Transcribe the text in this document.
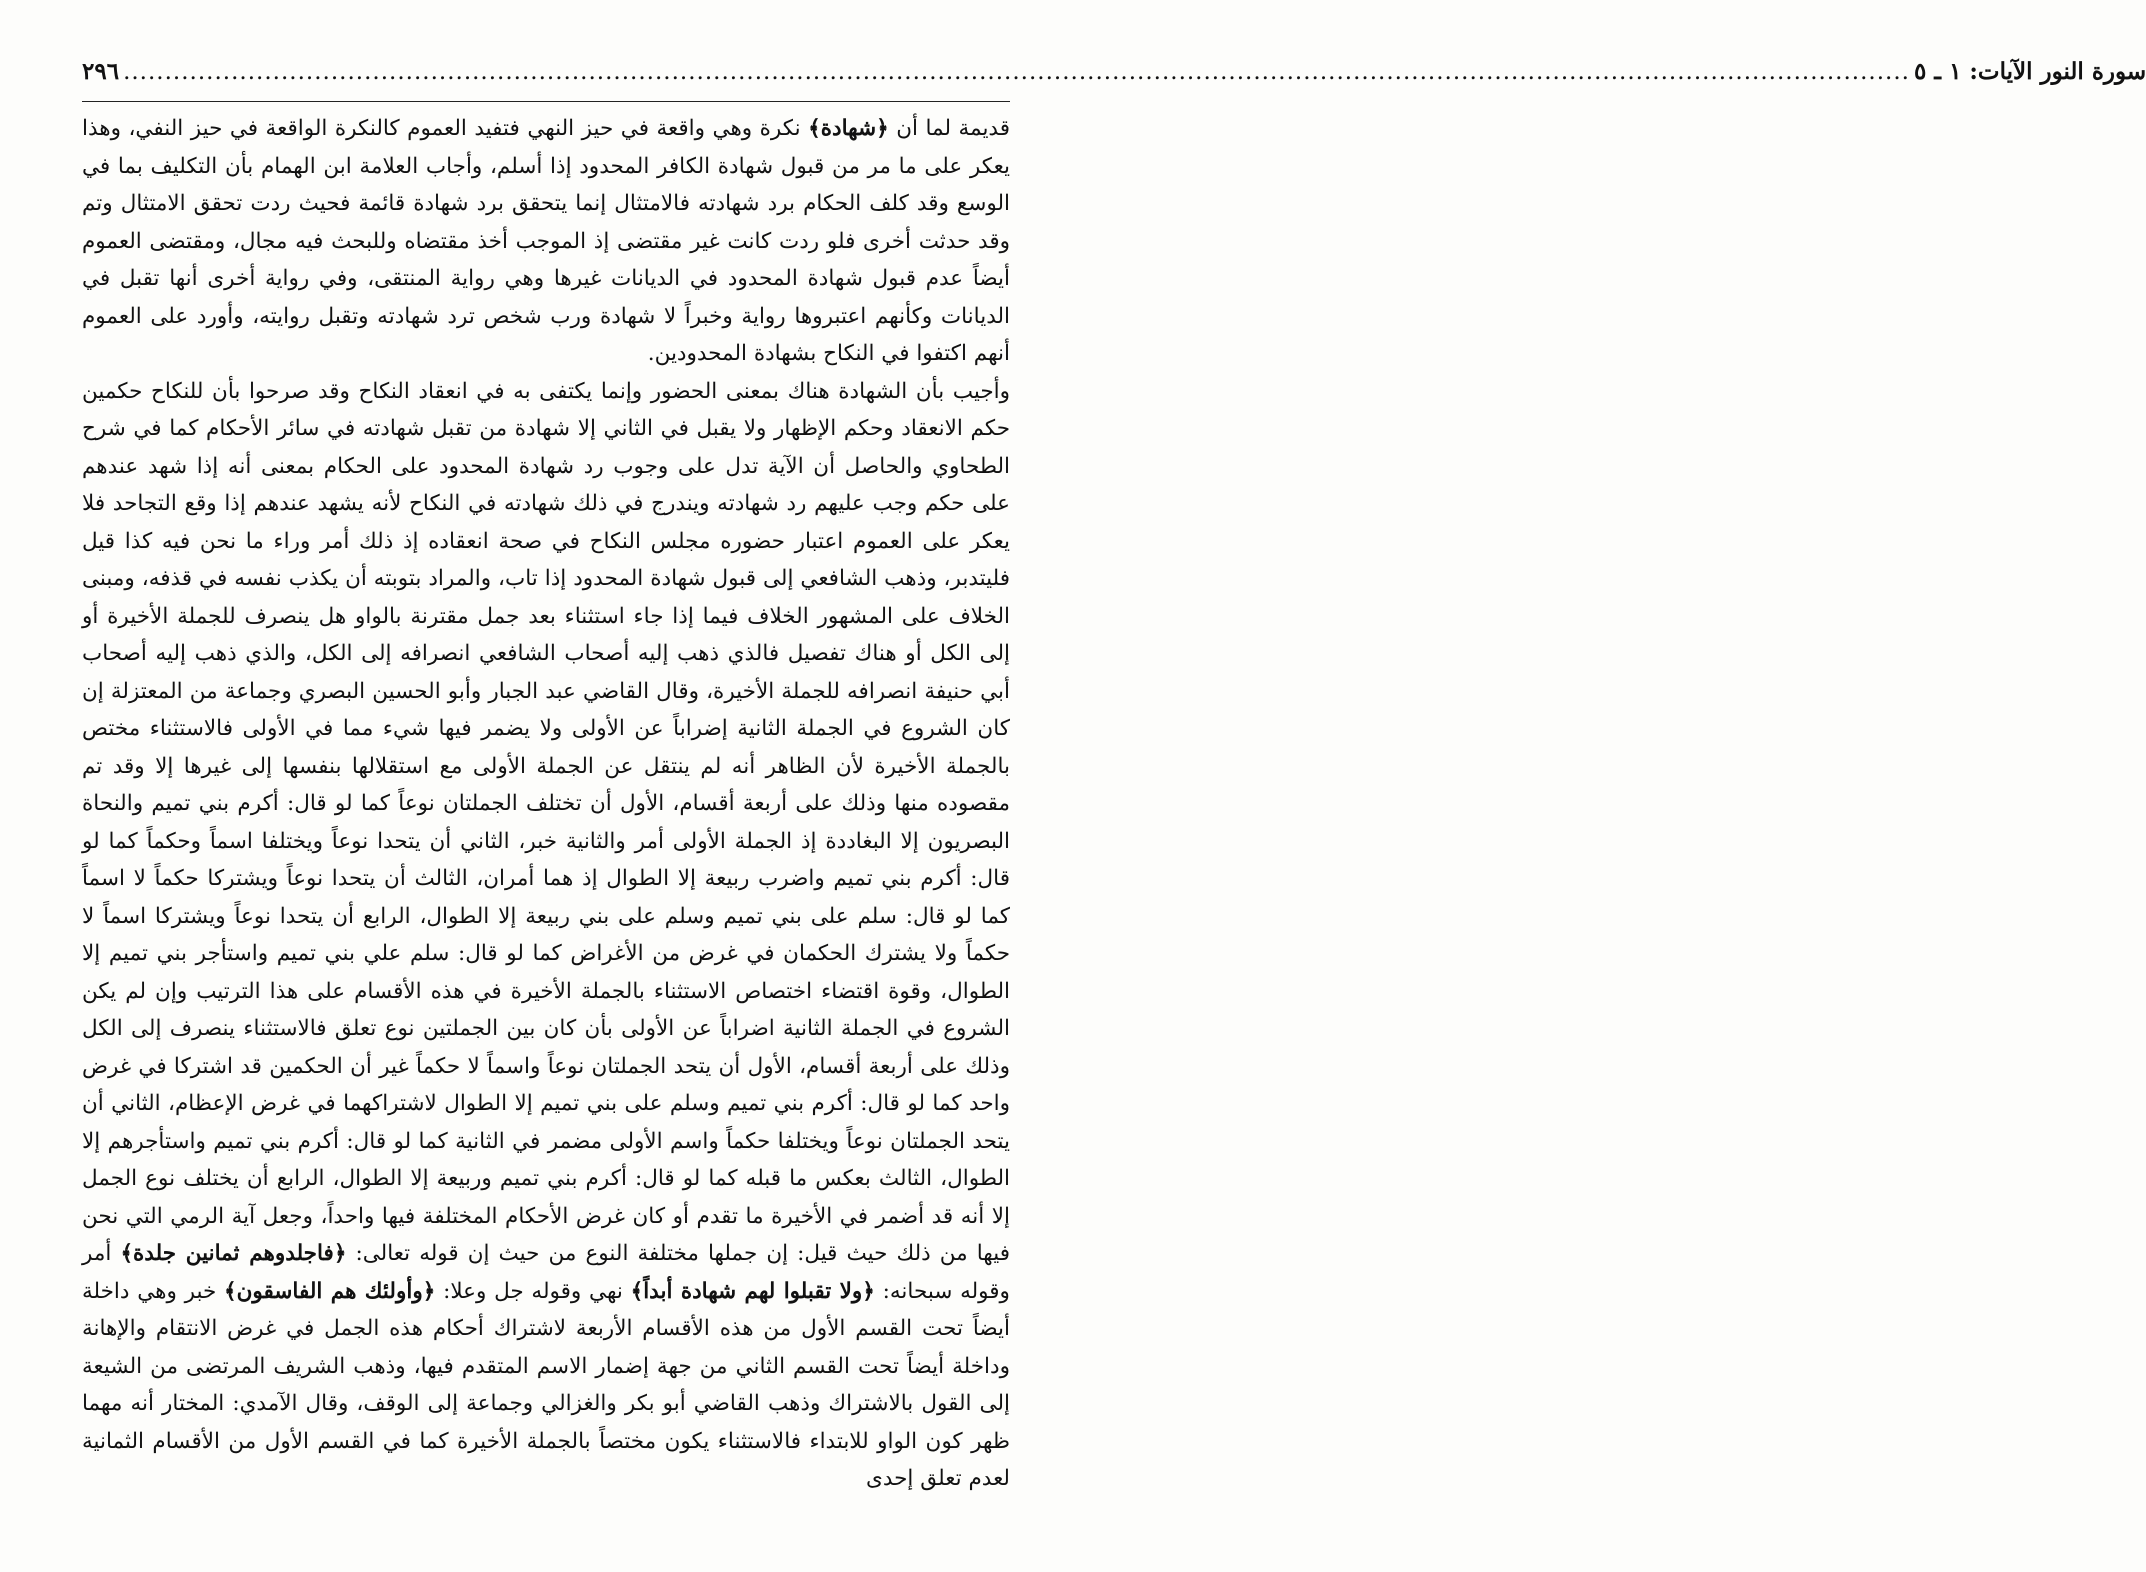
٢٩٦ ....................................................................................................................................................................................................................... سورة النور الآيات: ١ ـ ٥

قديمة لما أن ﴿شهادة﴾ نكرة وهي واقعة في حيز النهي فتفيد العموم كالنكرة الواقعة في حيز النفي، وهذا يعكر على ما مر من قبول شهادة الكافر المحدود إذا أسلم، وأجاب العلامة ابن الهمام بأن التكليف بما في الوسع وقد كلف الحكام برد شهادته فالامتثال إنما يتحقق برد شهادة قائمة فحيث ردت تحقق الامتثال وتم وقد حدثت أخرى فلو ردت كانت غير مقتضى إذ الموجب أخذ مقتضاه وللبحث فيه مجال، ومقتضى العموم أيضاً عدم قبول شهادة المحدود في الديانات غيرها وهي رواية المنتقى، وفي رواية أخرى أنها تقبل في الديانات وكأنهم اعتبروها رواية وخبراً لا شهادة ورب شخص ترد شهادته وتقبل روايته، وأورد على العموم أنهم اكتفوا في النكاح بشهادة المحدودين.

وأجيب بأن الشهادة هناك بمعنى الحضور وإنما يكتفى به في انعقاد النكاح وقد صرحوا بأن للنكاح حكمين حكم الانعقاد وحكم الإظهار ولا يقبل في الثاني إلا شهادة من تقبل شهادته في سائر الأحكام كما في شرح الطحاوي والحاصل أن الآية تدل على وجوب رد شهادة المحدود على الحكام بمعنى أنه إذا شهد عندهم على حكم وجب عليهم رد شهادته ويندرج في ذلك شهادته في النكاح لأنه يشهد عندهم إذا وقع التجاحد فلا يعكر على العموم اعتبار حضوره مجلس النكاح في صحة انعقاده إذ ذلك أمر وراء ما نحن فيه كذا قيل فليتدبر، وذهب الشافعي إلى قبول شهادة المحدود إذا تاب، والمراد بتوبته أن يكذب نفسه في قذفه، ومبنى الخلاف على المشهور الخلاف فيما إذا جاء استثناء بعد جمل مقترنة بالواو هل ينصرف للجملة الأخيرة أو إلى الكل أو هناك تفصيل فالذي ذهب إليه أصحاب الشافعي انصرافه إلى الكل، والذي ذهب إليه أصحاب أبي حنيفة انصرافه للجملة الأخيرة، وقال القاضي عبد الجبار وأبو الحسين البصري وجماعة من المعتزلة إن كان الشروع في الجملة الثانية إضراباً عن الأولى ولا يضمر فيها شيء مما في الأولى فالاستثناء مختص بالجملة الأخيرة لأن الظاهر أنه لم ينتقل عن الجملة الأولى مع استقلالها بنفسها إلى غيرها إلا وقد تم مقصوده منها وذلك على أربعة أقسام، الأول أن تختلف الجملتان نوعاً كما لو قال: أكرم بني تميم والنحاة البصريون إلا البغاددة إذ الجملة الأولى أمر والثانية خبر، الثاني أن يتحدا نوعاً ويختلفا اسماً وحكماً كما لو قال: أكرم بني تميم واضرب ربيعة إلا الطوال إذ هما أمران، الثالث أن يتحدا نوعاً ويشتركا حكماً لا اسماً كما لو قال: سلم على بني تميم وسلم على بني ربيعة إلا الطوال، الرابع أن يتحدا نوعاً ويشتركا اسماً لا حكماً ولا يشترك الحكمان في غرض من الأغراض كما لو قال: سلم علي بني تميم واستأجر بني تميم إلا الطوال، وقوة اقتضاء اختصاص الاستثناء بالجملة الأخيرة في هذه الأقسام على هذا الترتيب وإن لم يكن الشروع في الجملة الثانية اضراباً عن الأولى بأن كان بين الجملتين نوع تعلق فالاستثناء ينصرف إلى الكل وذلك على أربعة أقسام، الأول أن يتحد الجملتان نوعاً واسماً لا حكماً غير أن الحكمين قد اشتركا في غرض واحد كما لو قال: أكرم بني تميم وسلم على بني تميم إلا الطوال لاشتراكهما في غرض الإعظام، الثاني أن يتحد الجملتان نوعاً ويختلفا حكماً واسم الأولى مضمر في الثانية كما لو قال: أكرم بني تميم واستأجرهم إلا الطوال، الثالث بعكس ما قبله كما لو قال: أكرم بني تميم وربيعة إلا الطوال، الرابع أن يختلف نوع الجمل إلا أنه قد أضمر في الأخيرة ما تقدم أو كان غرض الأحكام المختلفة فيها واحداً، وجعل آية الرمي التي نحن فيها من ذلك حيث قيل: إن جملها مختلفة النوع من حيث إن قوله تعالى: ﴿فاجلدوهم ثمانين جلدة﴾ أمر وقوله سبحانه: ﴿ولا تقبلوا لهم شهادة أبداً﴾ نهي وقوله جل وعلا: ﴿وأولئك هم الفاسقون﴾ خبر وهي داخلة أيضاً تحت القسم الأول من هذه الأقسام الأربعة لاشتراك أحكام هذه الجمل في غرض الانتقام والإهانة وداخلة أيضاً تحت القسم الثاني من جهة إضمار الاسم المتقدم فيها، وذهب الشريف المرتضى من الشيعة إلى القول بالاشتراك وذهب القاضي أبو بكر والغزالي وجماعة إلى الوقف، وقال الآمدي: المختار أنه مهما ظهر كون الواو للابتداء فالاستثناء يكون مختصاً بالجملة الأخيرة كما في القسم الأول من الأقسام الثمانية لعدم تعلق إحدى
